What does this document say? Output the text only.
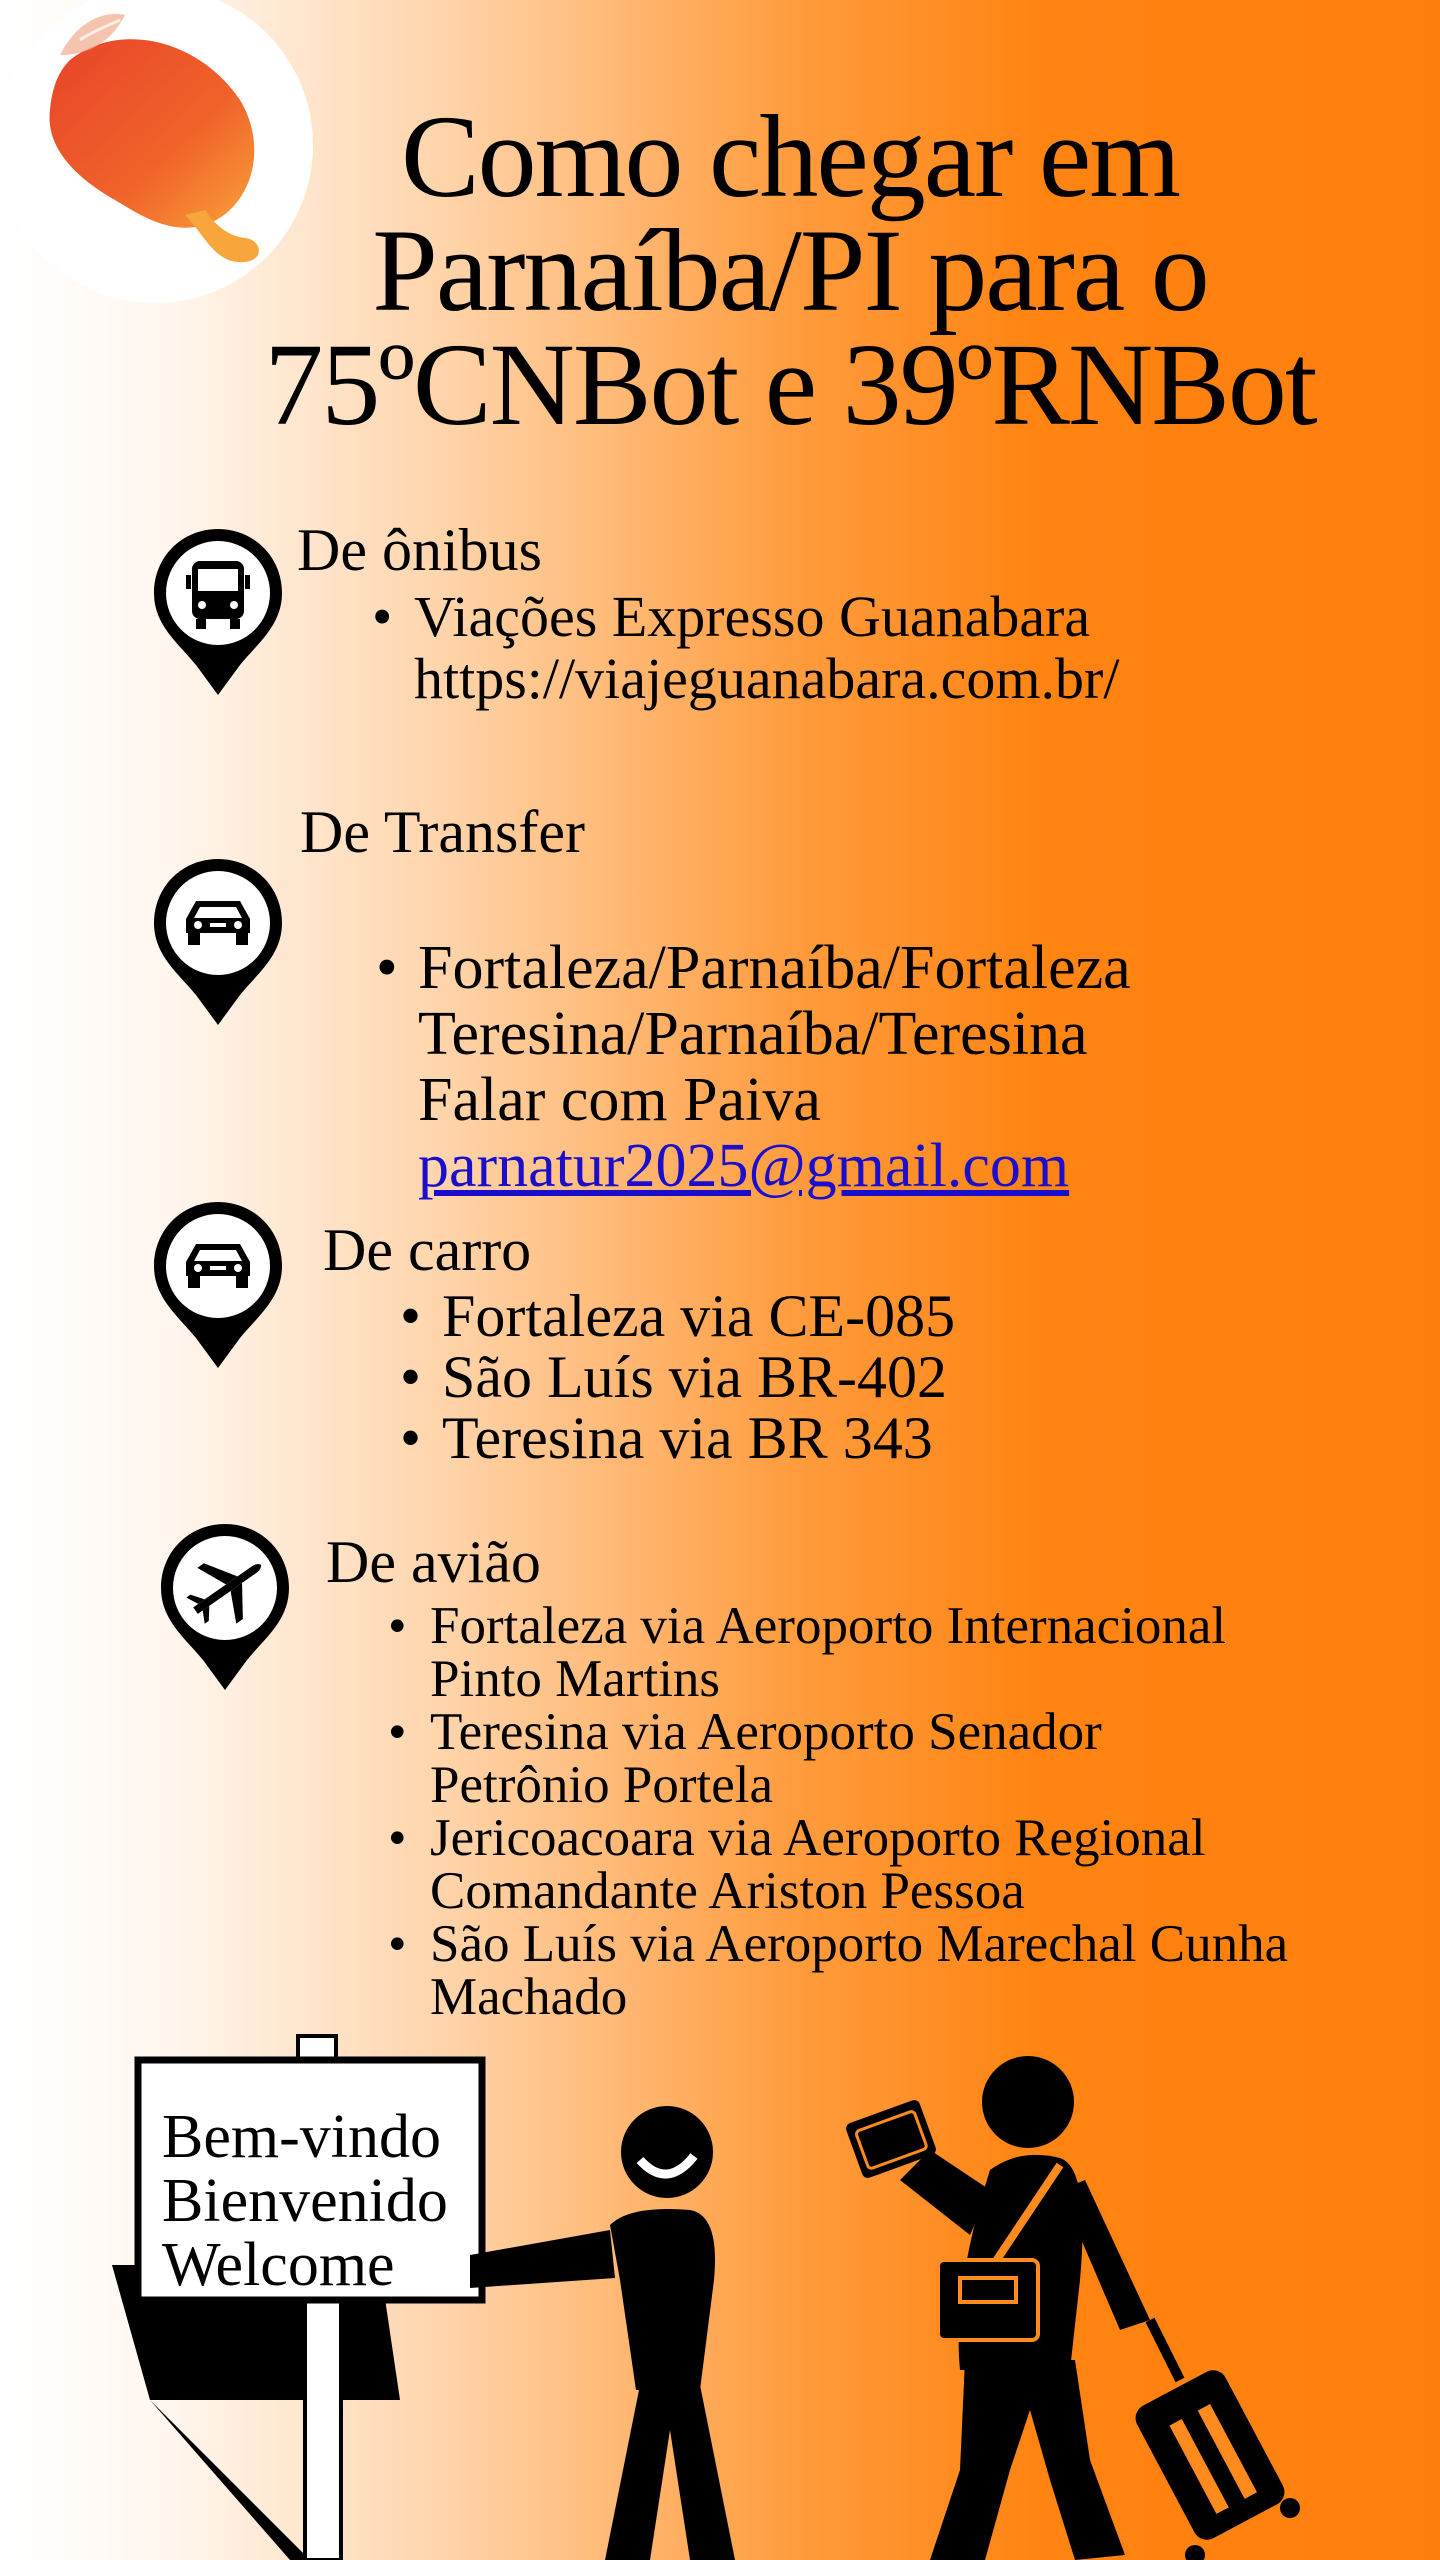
Como chegar em
Parnaíba/PI para o
75ºCNBot e 39ºRNBot
De ônibus
• Viações Expresso Guanabara
https://viajeguanabara.com.br/
De Transfer
• Fortaleza/Parnaíba/Fortaleza
Teresina/Parnaíba/Teresina
Falar com Paiva
parnatur2025@gmail.com
De carro
• Fortaleza via CE-085
• São Luís via BR-402
• Teresina via BR 343
De avião
• Fortaleza via Aeroporto Internacional
Pinto Martins
• Teresina via Aeroporto Senador
Petrônio Portela
• Jericoacoara via Aeroporto Regional
Comandante Ariston Pessoa
• São Luís via Aeroporto Marechal Cunha
Machado
Bem-vindo
Bienvenido
Welcome
